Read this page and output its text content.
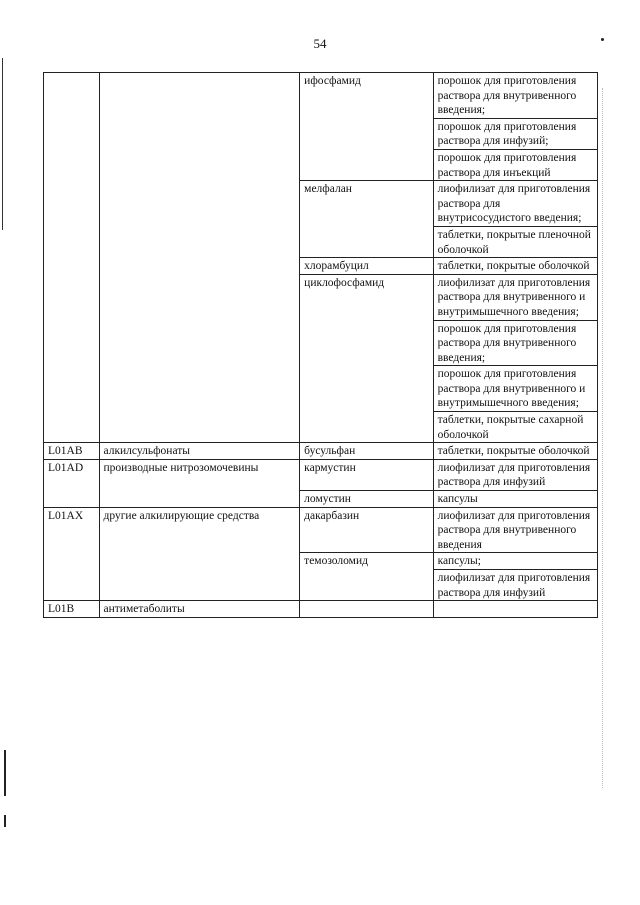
54
		ифосфамид	порошок для приготовления раствора для внутривенного введения;
			порошок для приготовления раствора для инфузий;
			порошок для приготовления раствора для инъекций
		мелфалан	лиофилизат для приготовления раствора для внутрисосудистого введения;
			таблетки, покрытые пленочной оболочкой
		хлорамбуцил	таблетки, покрытые оболочкой
		циклофосфамид	лиофилизат для приготовления раствора для внутривенного и внутримышечного введения;
			порошок для приготовления раствора для внутривенного введения;
			порошок для приготовления раствора для внутривенного и внутримышечного введения;
			таблетки, покрытые сахарной оболочкой
L01AB	алкилсульфонаты	бусульфан	таблетки, покрытые оболочкой
L01AD	производные нитрозомочевины	кармустин	лиофилизат для приготовления раствора для инфузий
		ломустин	капсулы
L01AX	другие алкилирующие средства	дакарбазин	лиофилизат для приготовления раствора для внутривенного введения
		темозоломид	капсулы;
			лиофилизат для приготовления раствора для инфузий
L01B	антиметаболиты		
